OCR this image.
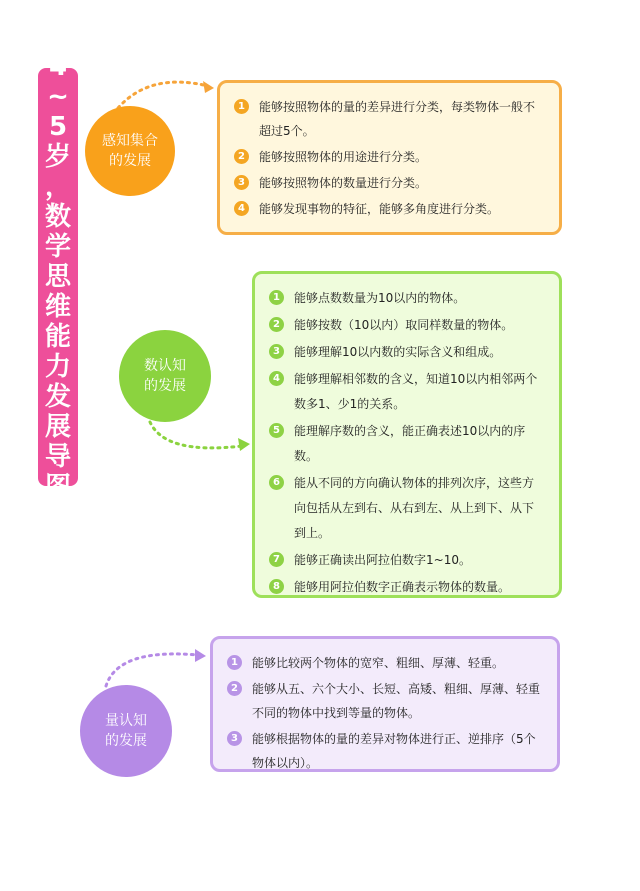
4
~
5
岁
，
数
学
思
维
能
力
发
展
导
图
感知集合
的发展
数认知
的发展
量认知
的发展
1	能够按照物体的量的差异进行分类，每类物体一般不超过5个。
2	能够按照物体的用途进行分类。
3	能够按照物体的数量进行分类。
4	能够发现事物的特征，能够多角度进行分类。
1	能够点数数量为10以内的物体。
2	能够按数（10以内）取同样数量的物体。
3	能够理解10以内数的实际含义和组成。
4	能够理解相邻数的含义，知道10以内相邻两个数多1、少1的关系。
5	能理解序数的含义，能正确表述10以内的序数。
6	能从不同的方向确认物体的排列次序，这些方向包括从左到右、从右到左、从上到下、从下到上。
7	能够正确读出阿拉伯数字1~10。
8	能够用阿拉伯数字正确表示物体的数量。
1	能够比较两个物体的宽窄、粗细、厚薄、轻重。
2	能够从五、六个大小、长短、高矮、粗细、厚薄、轻重不同的物体中找到等量的物体。
3	能够根据物体的量的差异对物体进行正、逆排序（5个物体以内）。
